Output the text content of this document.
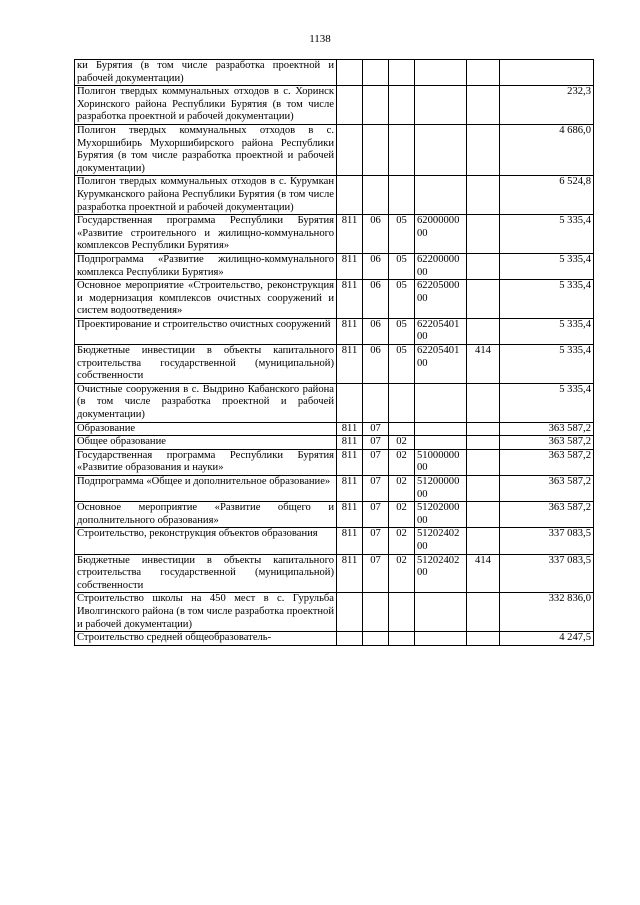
1138
ки Бурятия (в том числе разработка проектной и рабочей документации)						
Полигон твердых коммунальных отходов в с. Хоринск Хоринского района Республики Бурятия (в том числе разработка проектной и рабочей документации)						232,3
Полигон твердых коммунальных отходов в с. Мухоршибирь Мухоршибирского района Республики Бурятия (в том числе разработка проектной и рабочей документации)						4 686,0
Полигон твердых коммунальных отходов в с. Курумкан Курумканского района Республики Бурятия (в том числе разработка проектной и рабочей документации)						6 524,8
Государственная программа Республики Бурятия «Развитие строительного и жилищно-коммунального комплексов Республики Бурятия»	811	06	05	6200000000		5 335,4
Подпрограмма «Развитие жилищно-коммунального комплекса Республики Бурятия»	811	06	05	6220000000		5 335,4
Основное мероприятие «Строительство, реконструкция и модернизация комплексов очистных сооружений и систем водоотведения»	811	06	05	6220500000		5 335,4
Проектирование и строительство очистных сооружений	811	06	05	6220540100		5 335,4
Бюджетные инвестиции в объекты капитального строительства государственной (муниципальной) собственности	811	06	05	6220540100	414	5 335,4
Очистные сооружения в с. Выдрино Кабанского района (в том числе разработка проектной и рабочей документации)						5 335,4
Образование	811	07				363 587,2
Общее образование	811	07	02			363 587,2
Государственная программа Республики Бурятия «Развитие образования и науки»	811	07	02	5100000000		363 587,2
Подпрограмма «Общее и дополнительное образование»	811	07	02	5120000000		363 587,2
Основное мероприятие «Развитие общего и дополнительного образования»	811	07	02	5120200000		363 587,2
Строительство, реконструкция объектов образования	811	07	02	5120240200		337 083,5
Бюджетные инвестиции в объекты капитального строительства государственной (муниципальной) собственности	811	07	02	5120240200	414	337 083,5
Строительство школы на 450 мест в с. Гурульба Иволгинского района (в том числе разработка проектной и рабочей документации)						332 836,0
Строительство средней общеобразователь-						4 247,5
